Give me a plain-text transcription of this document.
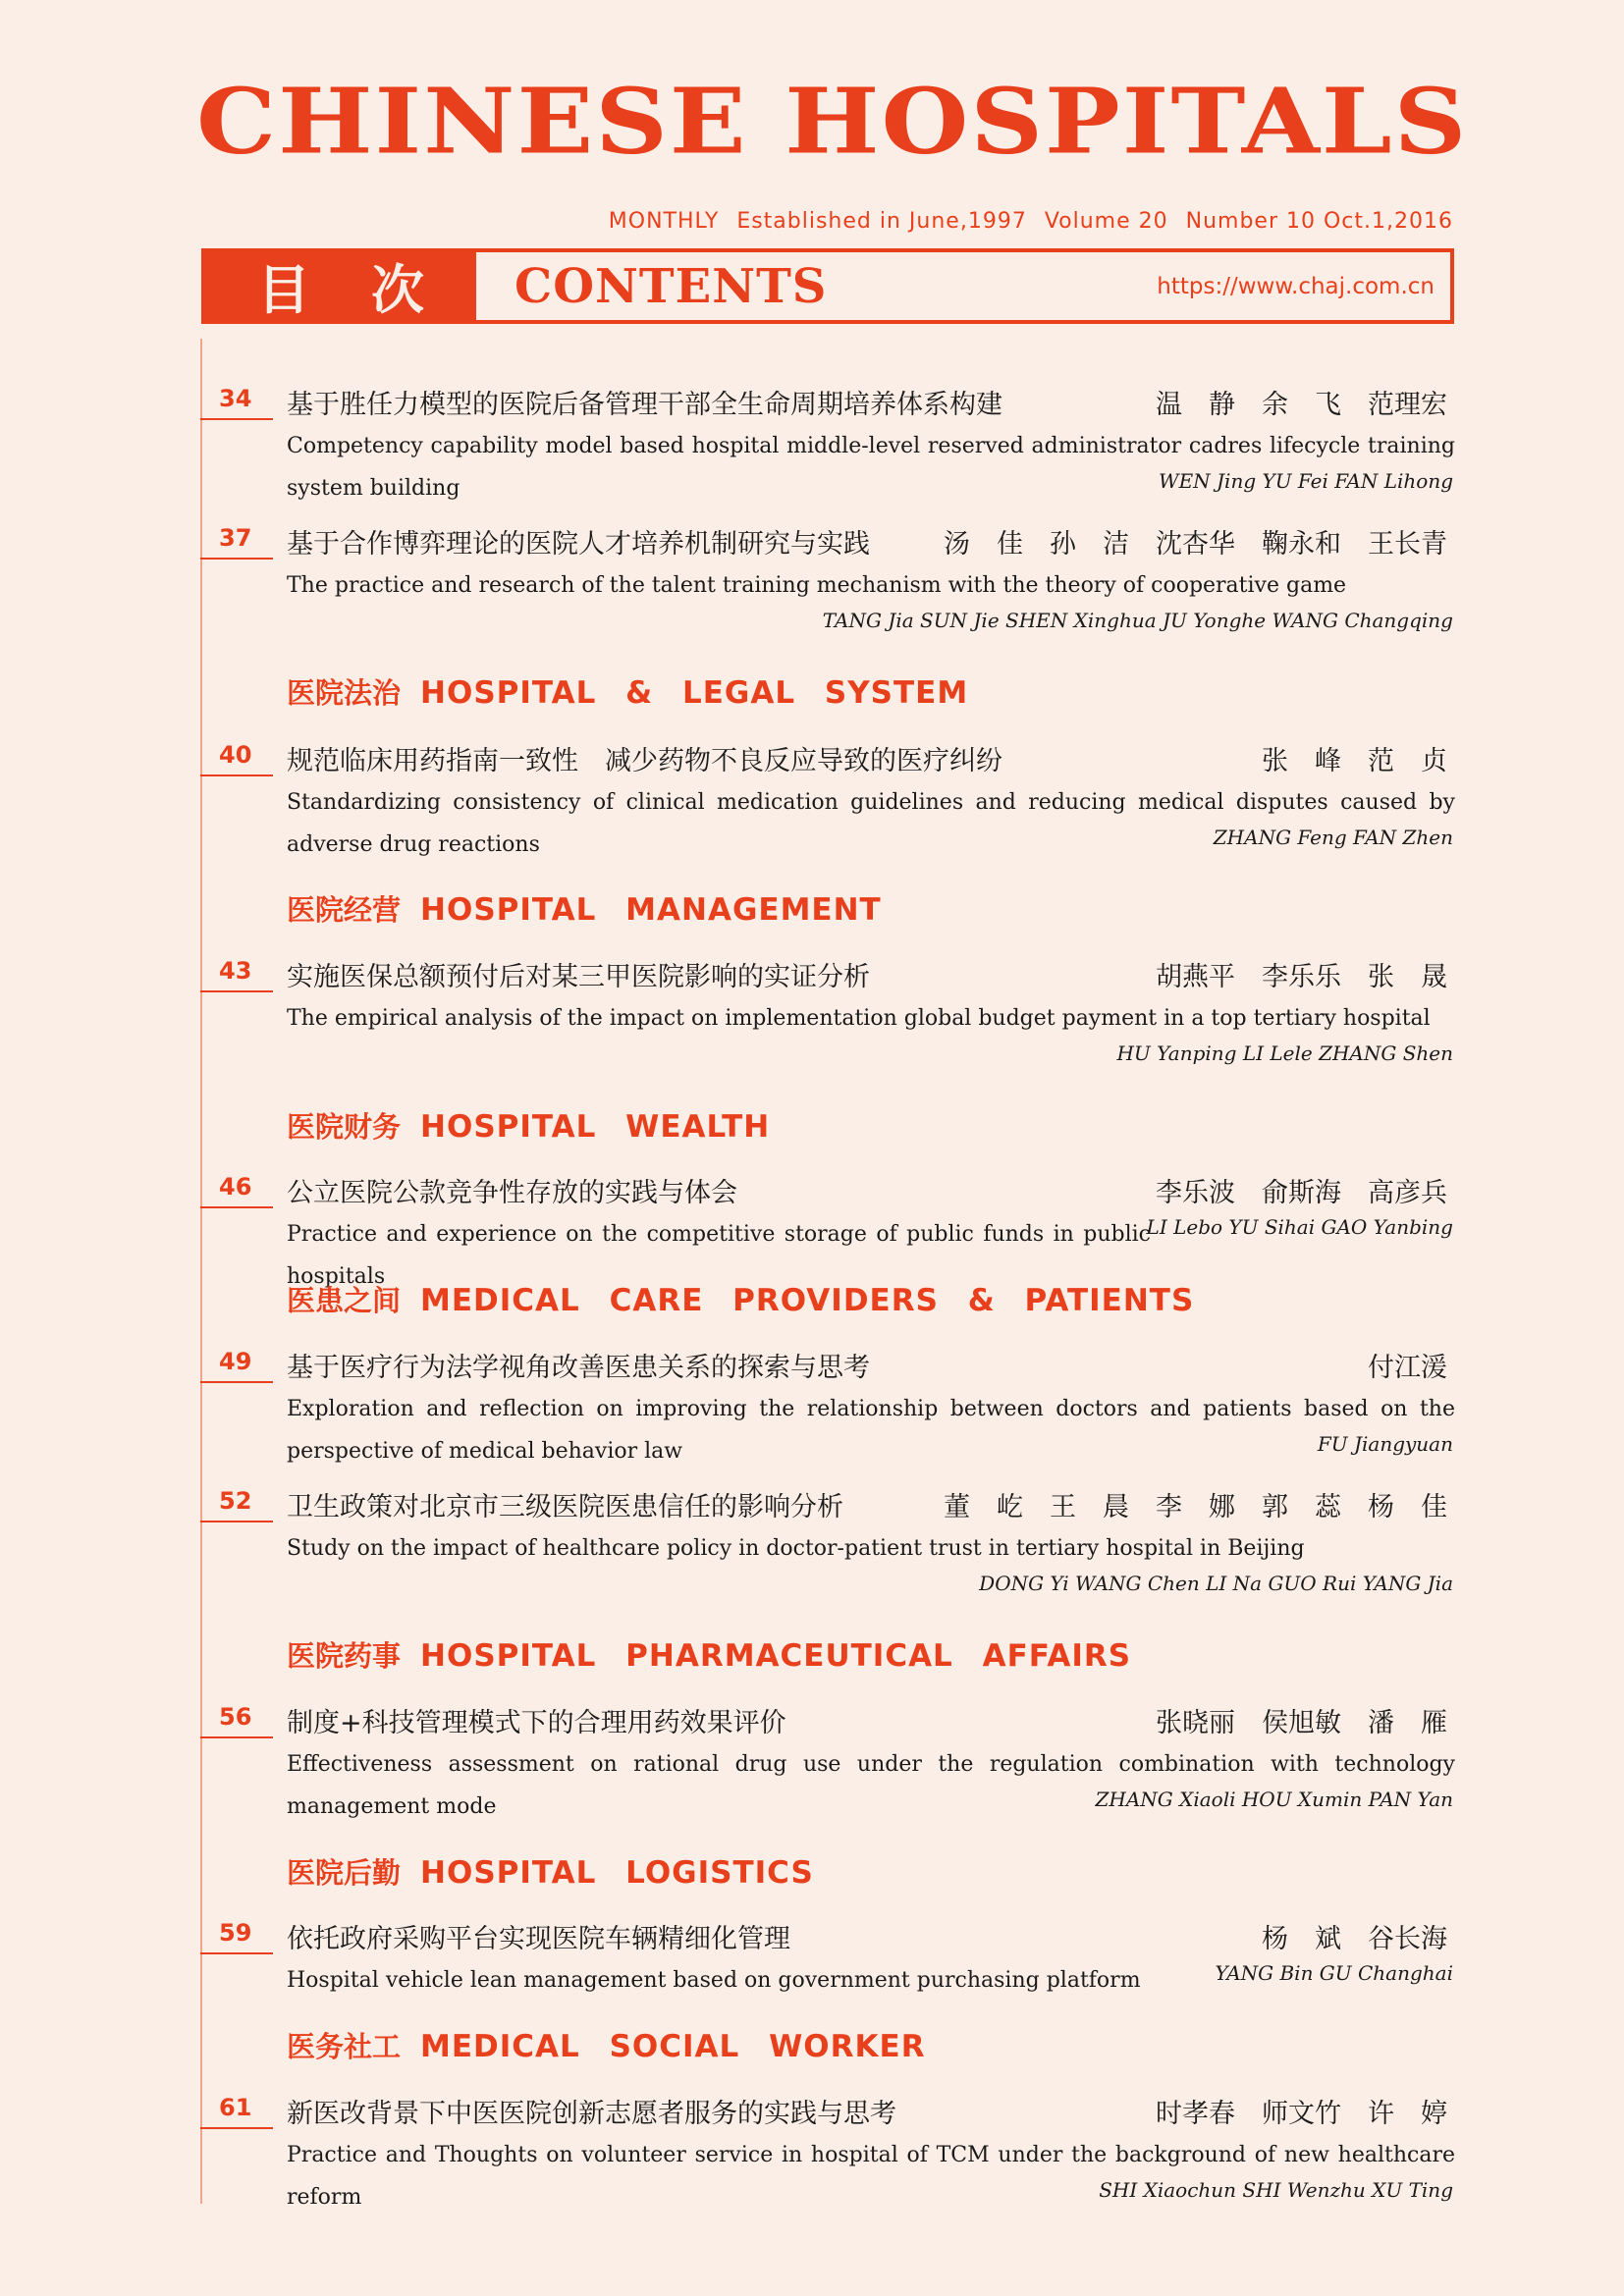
CHINESE HOSPITALS
MONTHLY Established in June,1997 Volume 20 Number 10 Oct.1,2016
目 次 CONTENTS	https://www.chaj.com.cn
34 基于胜任力模型的医院后备管理干部全生命周期培养体系构建	温　静　余　飞　范理宏
Competency capability model based hospital middle-level reserved administrator cadres lifecycle training system building	WEN Jing YU Fei FAN Lihong
37 基于合作博弈理论的医院人才培养机制研究与实践	汤　佳　孙　洁　沈杏华　鞠永和　王长青
The practice and research of the talent training mechanism with the theory of cooperative game
TANG Jia SUN Jie SHEN Xinghua JU Yonghe WANG Changqing
医院法治 HOSPITAL & LEGAL SYSTEM
40 规范临床用药指南一致性　减少药物不良反应导致的医疗纠纷	张　峰　范　贞
Standardizing consistency of clinical medication guidelines and reducing medical disputes caused by adverse drug reactions	ZHANG Feng FAN Zhen
医院经营 HOSPITAL MANAGEMENT
43 实施医保总额预付后对某三甲医院影响的实证分析	胡燕平　李乐乐　张　晟
The empirical analysis of the impact on implementation global budget payment in a top tertiary hospital
HU Yanping LI Lele ZHANG Shen
医院财务 HOSPITAL WEALTH
46 公立医院公款竞争性存放的实践与体会	李乐波　俞斯海　高彦兵
Practice and experience on the competitive storage of public funds in public hospitals
LI Lebo YU Sihai GAO Yanbing
医患之间 MEDICAL CARE PROVIDERS & PATIENTS
49 基于医疗行为法学视角改善医患关系的探索与思考	付江湲
Exploration and reflection on improving the relationship between doctors and patients based on the perspective of medical behavior law	FU Jiangyuan
52 卫生政策对北京市三级医院医患信任的影响分析	董　屹　王　晨　李　娜　郭　蕊　杨　佳
Study on the impact of healthcare policy in doctor-patient trust in tertiary hospital in Beijing
DONG Yi WANG Chen LI Na GUO Rui YANG Jia
医院药事 HOSPITAL PHARMACEUTICAL AFFAIRS
56 制度+科技管理模式下的合理用药效果评价	张晓丽　侯旭敏　潘　雁
Effectiveness assessment on rational drug use under the regulation combination with technology management mode	ZHANG Xiaoli HOU Xumin PAN Yan
医院后勤 HOSPITAL LOGISTICS
59 依托政府采购平台实现医院车辆精细化管理	杨　斌　谷长海
Hospital vehicle lean management based on government purchasing platform	YANG Bin GU Changhai
医务社工 MEDICAL SOCIAL WORKER
61 新医改背景下中医医院创新志愿者服务的实践与思考	时孝春　师文竹　许　婷
Practice and Thoughts on volunteer service in hospital of TCM under the background of new healthcare reform	SHI Xiaochun SHI Wenzhu XU Ting
